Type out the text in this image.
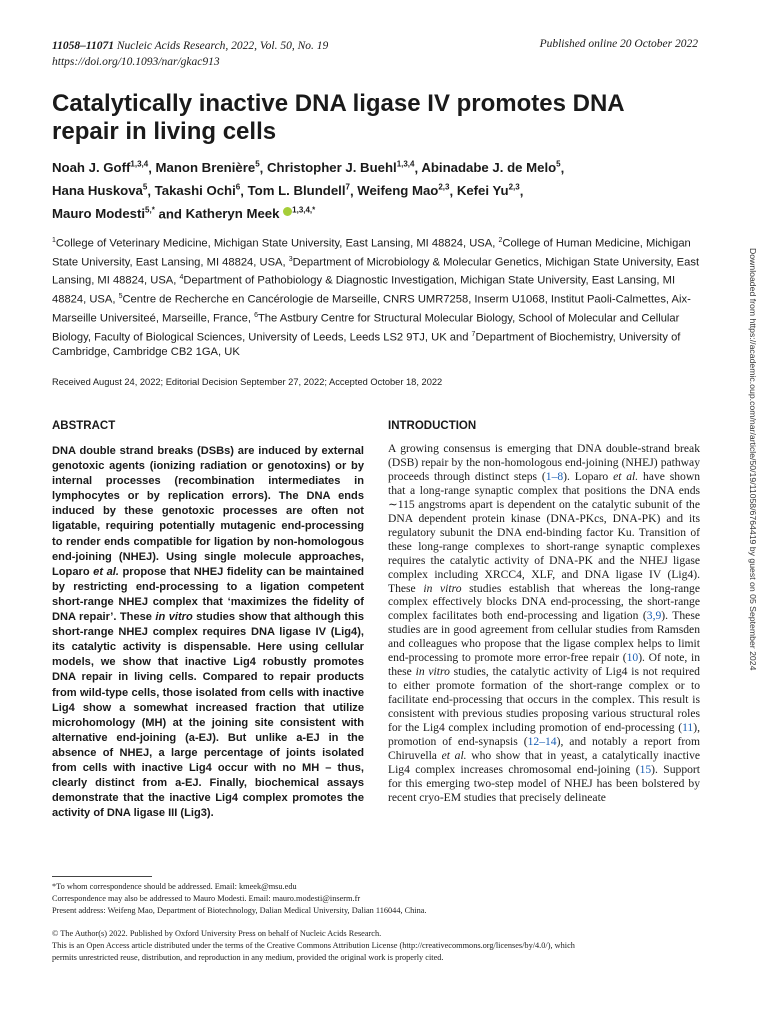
11058–11071 Nucleic Acids Research, 2022, Vol. 50, No. 19
https://doi.org/10.1093/nar/gkac913
Published online 20 October 2022
Catalytically inactive DNA ligase IV promotes DNA repair in living cells
Noah J. Goff$^{1,3,4}$, Manon Brenière$^5$, Christopher J. Buehl$^{1,3,4}$, Abinadabe J. de Melo$^5$,
Hana Huskova$^5$, Takashi Ochi$^6$, Tom L. Blundell$^7$, Weifeng Mao$^{2,3}$, Kefei Yu$^{2,3}$,
Mauro Modesti$^{5,*}$ and Katheryn Meek $^{1,3,4,*}$
$^1$College of Veterinary Medicine, Michigan State University, East Lansing, MI 48824, USA, $^2$College of Human Medicine, Michigan State University, East Lansing, MI 48824, USA, $^3$Department of Microbiology & Molecular Genetics, Michigan State University, East Lansing, MI 48824, USA, $^4$Department of Pathobiology & Diagnostic Investigation, Michigan State University, East Lansing, MI 48824, USA, $^5$Centre de Recherche en Cancérologie de Marseille, CNRS UMR7258, Inserm U1068, Institut Paoli-Calmettes, Aix-Marseille Universiteé, Marseille, France, $^6$The Astbury Centre for Structural Molecular Biology, School of Molecular and Cellular Biology, Faculty of Biological Sciences, University of Leeds, Leeds LS2 9TJ, UK and $^7$Department of Biochemistry, University of Cambridge, Cambridge CB2 1GA, UK
Received August 24, 2022; Editorial Decision September 27, 2022; Accepted October 18, 2022
ABSTRACT	INTRODUCTION
DNA double strand breaks (DSBs) are induced by external genotoxic agents (ionizing radiation or genotoxins) or by internal processes (recombination intermediates in lymphocytes or by replication errors). The DNA ends induced by these genotoxic processes are often not ligatable, requiring potentially mutagenic end-processing to render ends compatible for ligation by non-homologous end-joining (NHEJ). Using single molecule approaches, Loparo et al. propose that NHEJ fidelity can be maintained by restricting end-processing to a ligation competent short-range NHEJ complex that ‘maximizes the fidelity of DNA repair’. These in vitro studies show that although this short-range NHEJ complex requires DNA ligase IV (Lig4), its catalytic activity is dispensable. Here using cellular models, we show that inactive Lig4 robustly promotes DNA repair in living cells. Compared to repair products from wild-type cells, those isolated from cells with inactive Lig4 show a somewhat increased fraction that utilize microhomology (MH) at the joining site consistent with alternative end-joining (a-EJ). But unlike a-EJ in the absence of NHEJ, a large percentage of joints isolated from cells with inactive Lig4 occur with no MH – thus, clearly distinct from a-EJ. Finally, biochemical assays demonstrate that the inactive Lig4 complex promotes the activity of DNA ligase III (Lig3).
A growing consensus is emerging that DNA double-strand break (DSB) repair by the non-homologous end-joining (NHEJ) pathway proceeds through distinct steps (1–8). Loparo et al. have shown that a long-range synaptic complex that positions the DNA ends ∼115 angstroms apart is dependent on the catalytic subunit of the DNA dependent protein kinase (DNA-PKcs, DNA-PK) and its regulatory subunit the DNA end-binding factor Ku. Transition of these long-range complexes to short-range synaptic complexes requires the catalytic activity of DNA-PK and the NHEJ ligase complex including XRCC4, XLF, and DNA ligase IV (Lig4). These in vitro studies establish that whereas the long-range complex effectively blocks DNA end-processing, the short-range complex facilitates both end-processing and ligation (3,9). These studies are in good agreement from cellular studies from Ramsden and colleagues who propose that the ligase complex helps to limit end-processing to promote more error-free repair (10). Of note, in these in vitro studies, the catalytic activity of Lig4 is not required to either promote formation of the short-range complex or to facilitate end-processing that occurs in the complex. This result is consistent with previous studies proposing various structural roles for the Lig4 complex including promotion of end-processing (11), promotion of end-synapsis (12–14), and notably a report from Chiruvella et al. who show that in yeast, a catalytically inactive Lig4 complex increases chromosomal end-joining (15). Support for this emerging two-step model of NHEJ has been bolstered by recent cryo-EM studies that precisely delineate
*To whom correspondence should be addressed. Email: kmeek@msu.edu
Correspondence may also be addressed to Mauro Modesti. Email: mauro.modesti@inserm.fr
Present address: Weifeng Mao, Department of Biotechnology, Dalian Medical University, Dalian 116044, China.
© The Author(s) 2022. Published by Oxford University Press on behalf of Nucleic Acids Research.
This is an Open Access article distributed under the terms of the Creative Commons Attribution License (http://creativecommons.org/licenses/by/4.0/), which
permits unrestricted reuse, distribution, and reproduction in any medium, provided the original work is properly cited.
Downloaded from https://academic.oup.com/nar/article/50/19/11058/6764419 by guest on 05 September 2024
